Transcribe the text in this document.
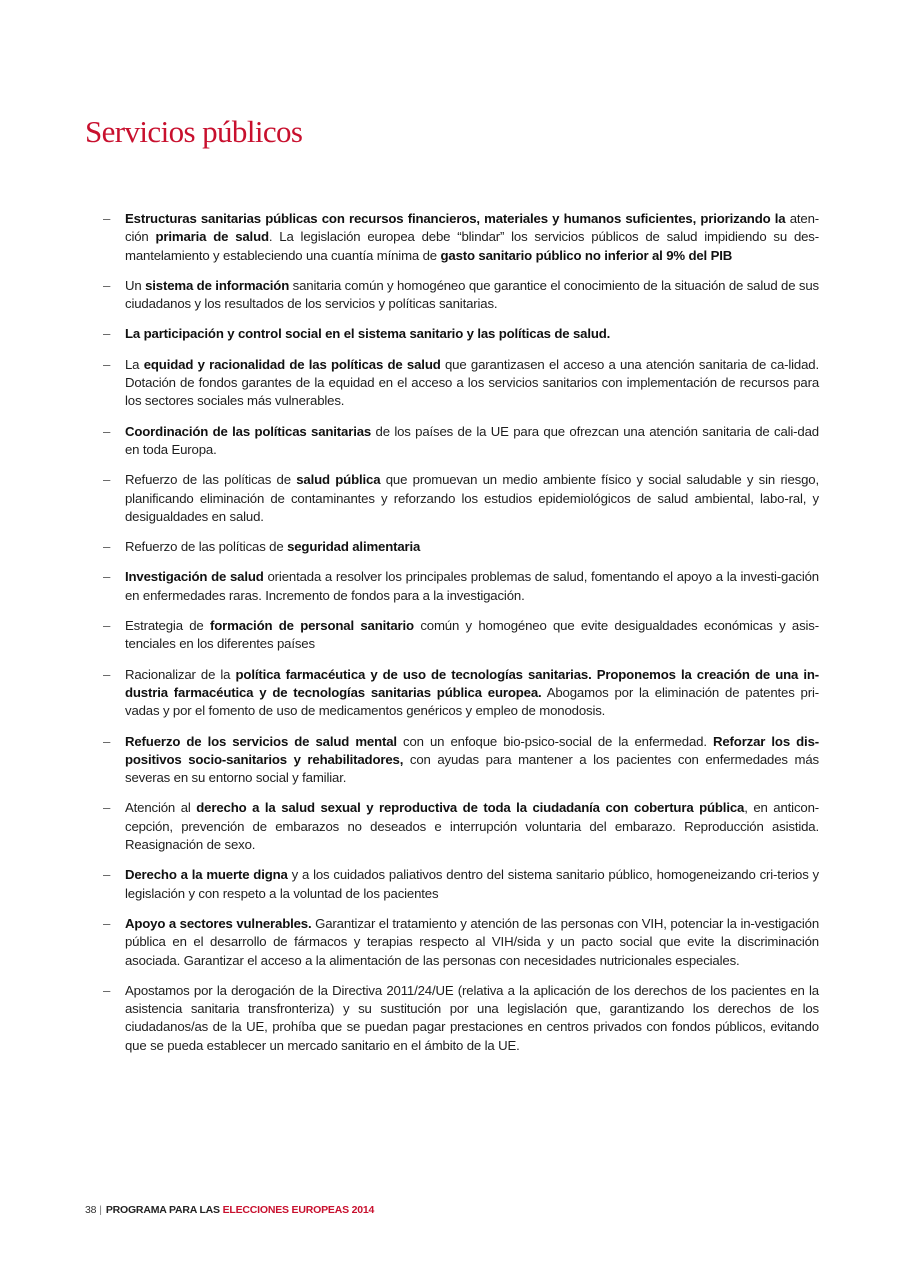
Servicios públicos
– Estructuras sanitarias públicas con recursos financieros, materiales y humanos suficientes, priorizando la aten-ción primaria de salud. La legislación europea debe “blindar” los servicios públicos de salud impidiendo su des-mantelamiento y estableciendo una cuantía mínima de gasto sanitario público no inferior al 9% del PIB
– Un sistema de información sanitaria común y homogéneo que garantice el conocimiento de la situación de salud de sus ciudadanos y los resultados de los servicios y políticas sanitarias.
– La participación y control social en el sistema sanitario y las políticas de salud.
– La equidad y racionalidad de las políticas de salud que garantizasen el acceso a una atención sanitaria de ca-lidad. Dotación de fondos garantes de la equidad en el acceso a los servicios sanitarios con implementación de recursos para los sectores sociales más vulnerables.
– Coordinación de las políticas sanitarias de los países de la UE para que ofrezcan una atención sanitaria de cali-dad en toda Europa.
– Refuerzo de las políticas de salud pública que promuevan un medio ambiente físico y social saludable y sin riesgo, planificando eliminación de contaminantes y reforzando los estudios epidemiológicos de salud ambiental, labo-ral, y desigualdades en salud.
– Refuerzo de las políticas de seguridad alimentaria
– Investigación de salud orientada a resolver los principales problemas de salud, fomentando el apoyo a la investi-gación en enfermedades raras. Incremento de fondos para a la investigación.
– Estrategia de formación de personal sanitario común y homogéneo que evite desigualdades económicas y asis-tenciales en los diferentes países
– Racionalizar de la política farmacéutica y de uso de tecnologías sanitarias. Proponemos la creación de una in-dustria farmacéutica y de tecnologías sanitarias pública europea. Abogamos por la eliminación de patentes pri-vadas y por el fomento de uso de medicamentos genéricos y empleo de monodosis.
– Refuerzo de los servicios de salud mental con un enfoque bio-psico-social de la enfermedad. Reforzar los dis-positivos socio-sanitarios y rehabilitadores, con ayudas para mantener a los pacientes con enfermedades más severas en su entorno social y familiar.
– Atención al derecho a la salud sexual y reproductiva de toda la ciudadanía con cobertura pública, en anticon-cepción, prevención de embarazos no deseados e interrupción voluntaria del embarazo. Reproducción asistida. Reasignación de sexo.
– Derecho a la muerte digna y a los cuidados paliativos dentro del sistema sanitario público, homogeneizando cri-terios y legislación y con respeto a la voluntad de los pacientes
– Apoyo a sectores vulnerables. Garantizar el tratamiento y atención de las personas con VIH, potenciar la in-vestigación pública en el desarrollo de fármacos y terapias respecto al VIH/sida y un pacto social que evite la discriminación asociada. Garantizar el acceso a la alimentación de las personas con necesidades nutricionales especiales.
– Apostamos por la derogación de la Directiva 2011/24/UE (relativa a la aplicación de los derechos de los pacientes en la asistencia sanitaria transfronteriza) y su sustitución por una legislación que, garantizando los derechos de los ciudadanos/as de la UE, prohíba que se puedan pagar prestaciones en centros privados con fondos públicos, evitando que se pueda establecer un mercado sanitario en el ámbito de la UE.
38 | PROGRAMA PARA LAS ELECCIONES EUROPEAS 2014
